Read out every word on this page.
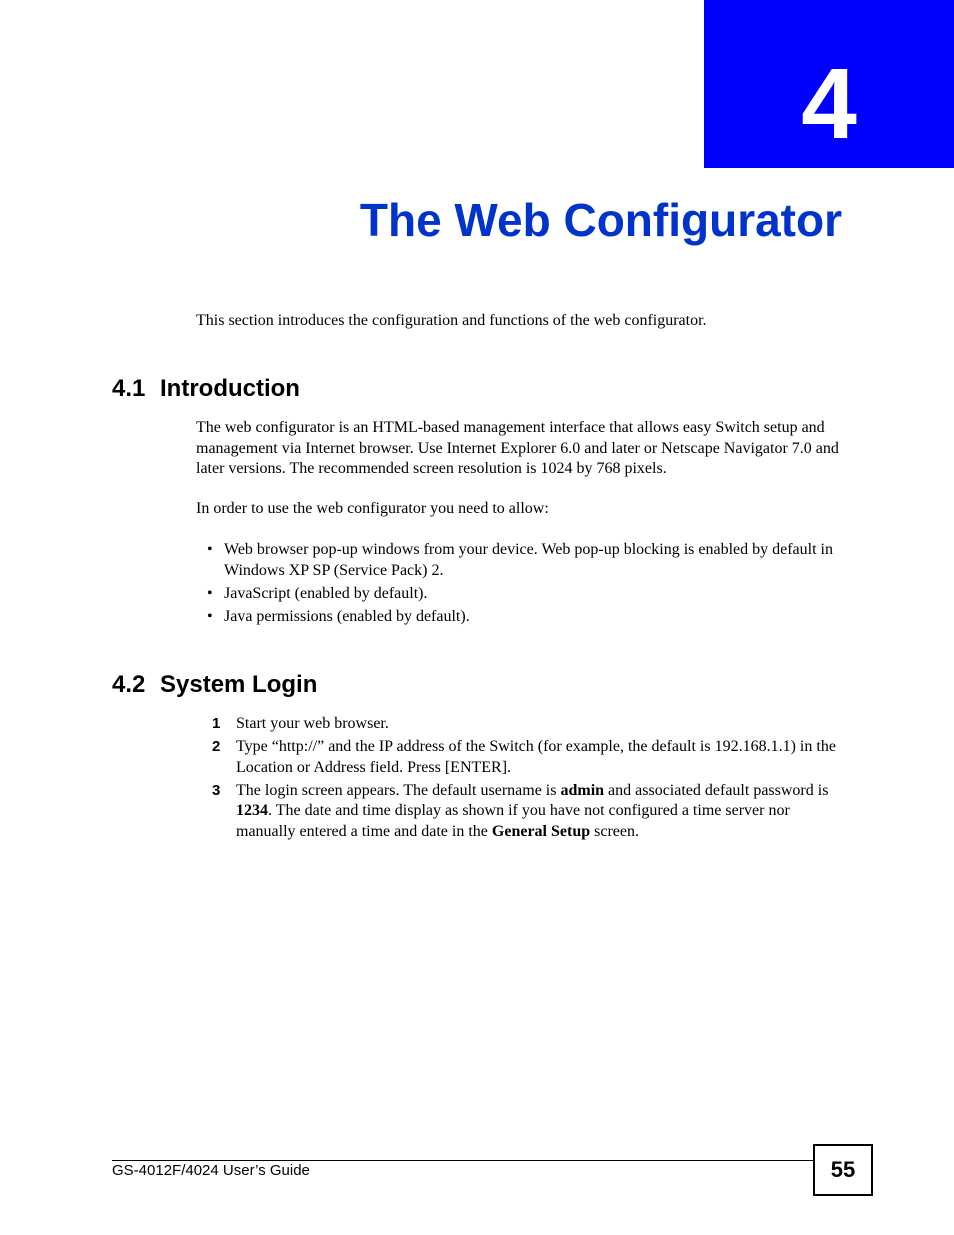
4
The Web Configurator

This section introduces the configuration and functions of the web configurator.

4.1 Introduction

The web configurator is an HTML-based management interface that allows easy Switch setup and management via Internet browser. Use Internet Explorer 6.0 and later or Netscape Navigator 7.0 and later versions. The recommended screen resolution is 1024 by 768 pixels.

In order to use the web configurator you need to allow:

• Web browser pop-up windows from your device. Web pop-up blocking is enabled by default in Windows XP SP (Service Pack) 2.
• JavaScript (enabled by default).
• Java permissions (enabled by default).
4.2 System Login
1 Start your web browser.
2 Type “http://” and the IP address of the Switch (for example, the default is 192.168.1.1) in the Location or Address field. Press [ENTER].
3 The login screen appears. The default username is admin and associated default password is 1234. The date and time display as shown if you have not configured a time server nor manually entered a time and date in the General Setup screen.
GS-4012F/4024 User’s Guide	55
